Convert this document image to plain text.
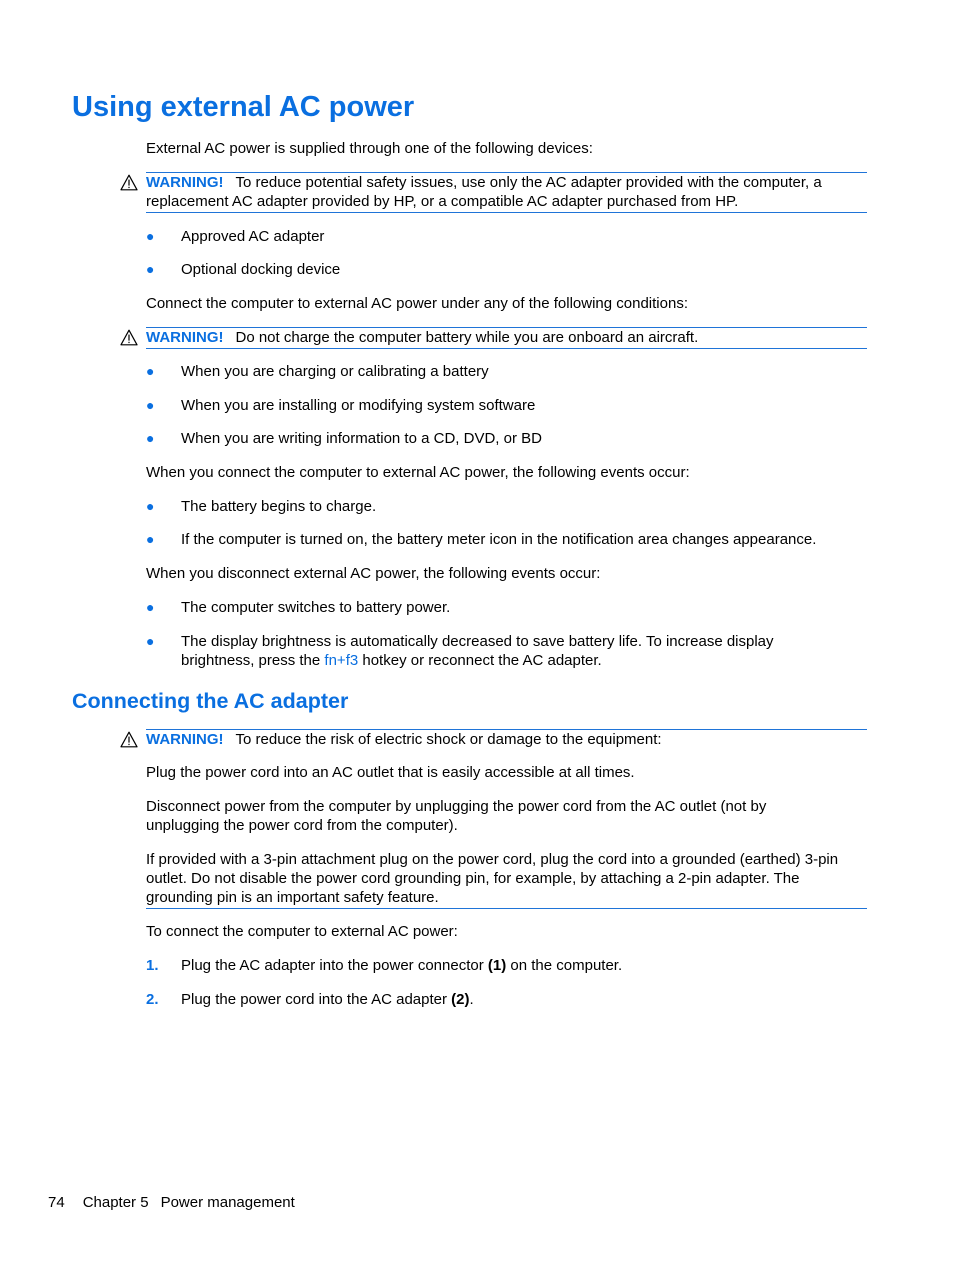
Using external AC power

External AC power is supplied through one of the following devices:

WARNING! To reduce potential safety issues, use only the AC adapter provided with the computer, a replacement AC adapter provided by HP, or a compatible AC adapter purchased from HP.
● Approved AC adapter
● Optional docking device

Connect the computer to external AC power under any of the following conditions:

WARNING! Do not charge the computer battery while you are onboard an aircraft.
● When you are charging or calibrating a battery
● When you are installing or modifying system software
● When you are writing information to a CD, DVD, or BD

When you connect the computer to external AC power, the following events occur:

● The battery begins to charge.
● If the computer is turned on, the battery meter icon in the notification area changes appearance.

When you disconnect external AC power, the following events occur:

● The computer switches to battery power.
● The display brightness is automatically decreased to save battery life. To increase display brightness, press the fn+f3 hotkey or reconnect the AC adapter.
Connecting the AC adapter
WARNING! To reduce the risk of electric shock or damage to the equipment:

Plug the power cord into an AC outlet that is easily accessible at all times.

Disconnect power from the computer by unplugging the power cord from the AC outlet (not by unplugging the power cord from the computer).

If provided with a 3-pin attachment plug on the power cord, plug the cord into a grounded (earthed) 3-pin outlet. Do not disable the power cord grounding pin, for example, by attaching a 2-pin adapter. The grounding pin is an important safety feature.

To connect the computer to external AC power:

1. Plug the AC adapter into the power connector (1) on the computer.
2. Plug the power cord into the AC adapter (2).
74 Chapter 5 Power management
